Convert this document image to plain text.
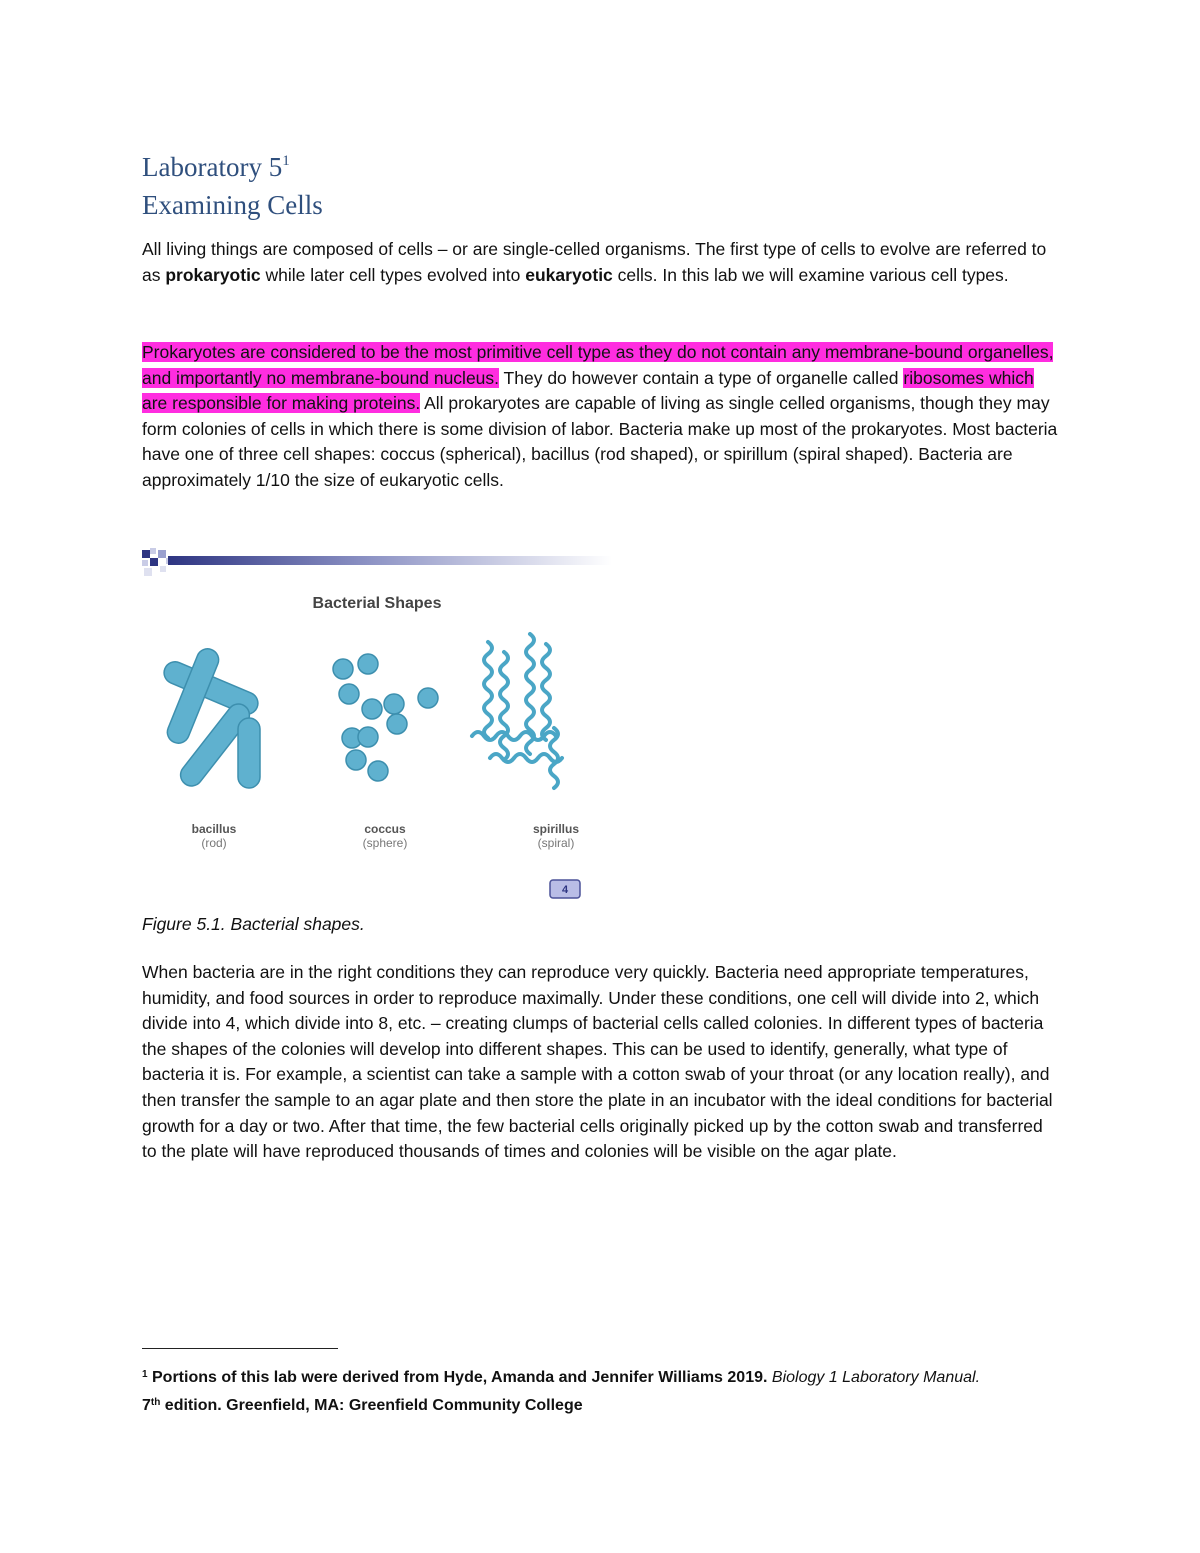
Laboratory $5^1$
Examining Cells
All living things are composed of cells – or are single-celled organisms. The first type of cells to evolve are referred to as prokaryotic while later cell types evolved into eukaryotic cells. In this lab we will examine various cell types.
Prokaryotes are considered to be the most primitive cell type as they do not contain any membrane-bound organelles, and importantly no membrane-bound nucleus. They do however contain a type of organelle called ribosomes which are responsible for making proteins. All prokaryotes are capable of living as single celled organisms, though they may form colonies of cells in which there is some division of labor. Bacteria make up most of the prokaryotes. Most bacteria have one of three cell shapes: coccus (spherical), bacillus (rod shaped), or spirillum (spiral shaped). Bacteria are approximately 1/10 the size of eukaryotic cells.
Bacterial Shapes
bacillus
(rod)
coccus
(sphere)
spirillus
(spiral)
4
Figure 5.1. Bacterial shapes.
When bacteria are in the right conditions they can reproduce very quickly. Bacteria need appropriate temperatures, humidity, and food sources in order to reproduce maximally. Under these conditions, one cell will divide into 2, which divide into 4, which divide into 8, etc. – creating clumps of bacterial cells called colonies. In different types of bacteria the shapes of the colonies will develop into different shapes. This can be used to identify, generally, what type of bacteria it is. For example, a scientist can take a sample with a cotton swab of your throat (or any location really), and then transfer the sample to an agar plate and then store the plate in an incubator with the ideal conditions for bacterial growth for a day or two. After that time, the few bacterial cells originally picked up by the cotton swab and transferred to the plate will have reproduced thousands of times and colonies will be visible on the agar plate.
$^1$ Portions of this lab were derived from Hyde, Amanda and Jennifer Williams 2019. Biology 1 Laboratory Manual.
7th edition. Greenfield, MA: Greenfield Community College
